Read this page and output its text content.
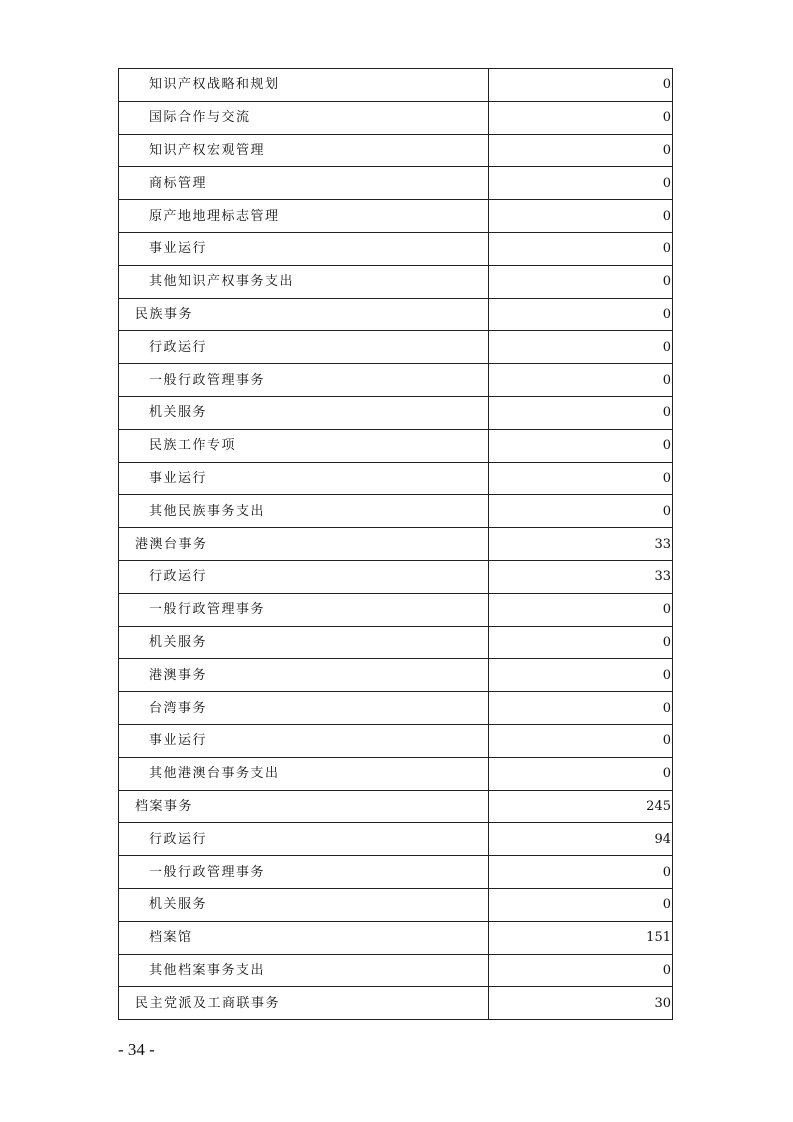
知识产权战略和规划	0
国际合作与交流	0
知识产权宏观管理	0
商标管理	0
原产地地理标志管理	0
事业运行	0
其他知识产权事务支出	0
民族事务	0
行政运行	0
一般行政管理事务	0
机关服务	0
民族工作专项	0
事业运行	0
其他民族事务支出	0
港澳台事务	33
行政运行	33
一般行政管理事务	0
机关服务	0
港澳事务	0
台湾事务	0
事业运行	0
其他港澳台事务支出	0
档案事务	245
行政运行	94
一般行政管理事务	0
机关服务	0
档案馆	151
其他档案事务支出	0
民主党派及工商联事务	30
- 34 -
